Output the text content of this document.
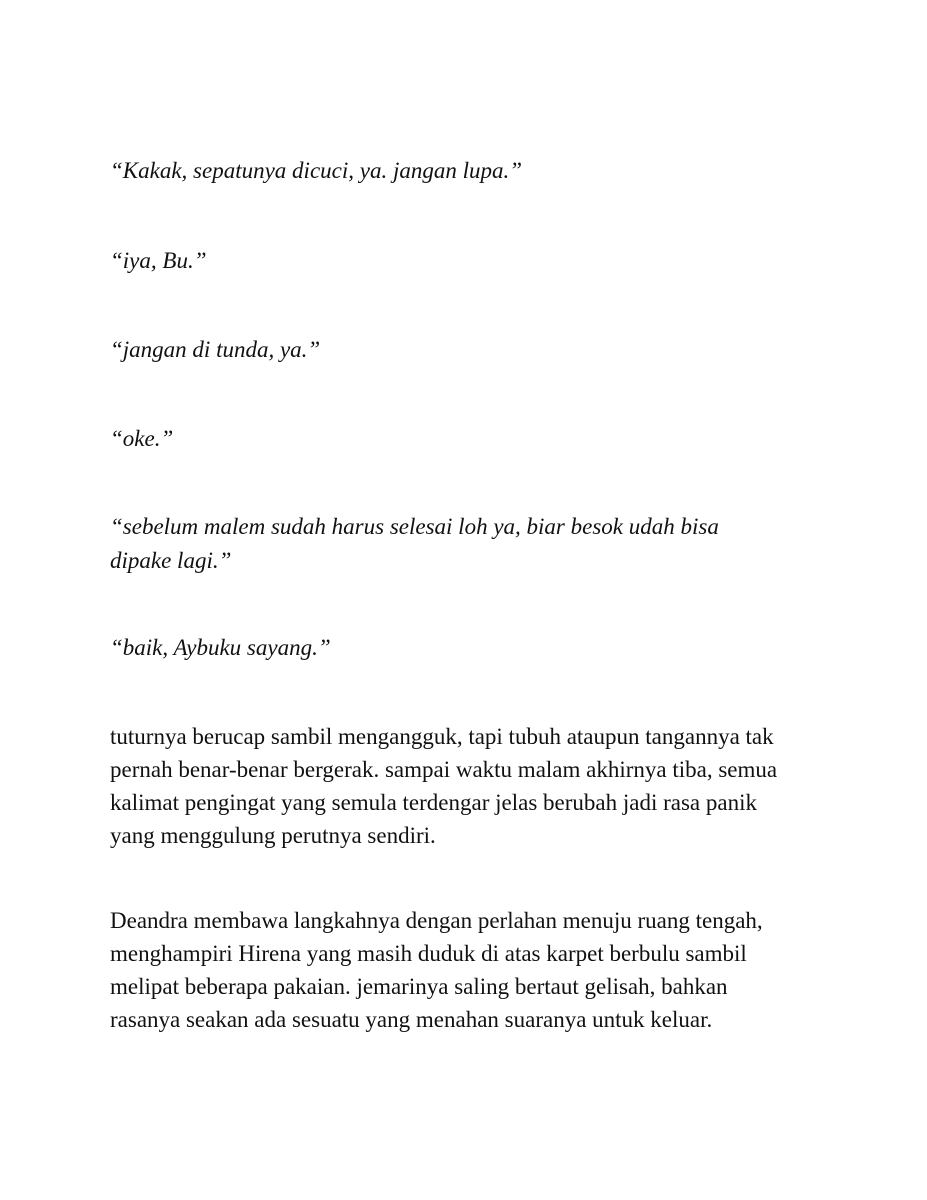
“Kakak, sepatunya dicuci, ya. jangan lupa.”

“iya, Bu.”

“jangan di tunda, ya.”

“oke.”

“sebelum malem sudah harus selesai loh ya, biar besok udah bisa

dipake lagi.”

“baik, Aybuku sayang.”

tuturnya berucap sambil mengangguk, tapi tubuh ataupun tangannya tak

pernah benar-benar bergerak. sampai waktu malam akhirnya tiba, semua

kalimat pengingat yang semula terdengar jelas berubah jadi rasa panik

yang menggulung perutnya sendiri.

Deandra membawa langkahnya dengan perlahan menuju ruang tengah,

menghampiri Hirena yang masih duduk di atas karpet berbulu sambil

melipat beberapa pakaian. jemarinya saling bertaut gelisah, bahkan

rasanya seakan ada sesuatu yang menahan suaranya untuk keluar.
